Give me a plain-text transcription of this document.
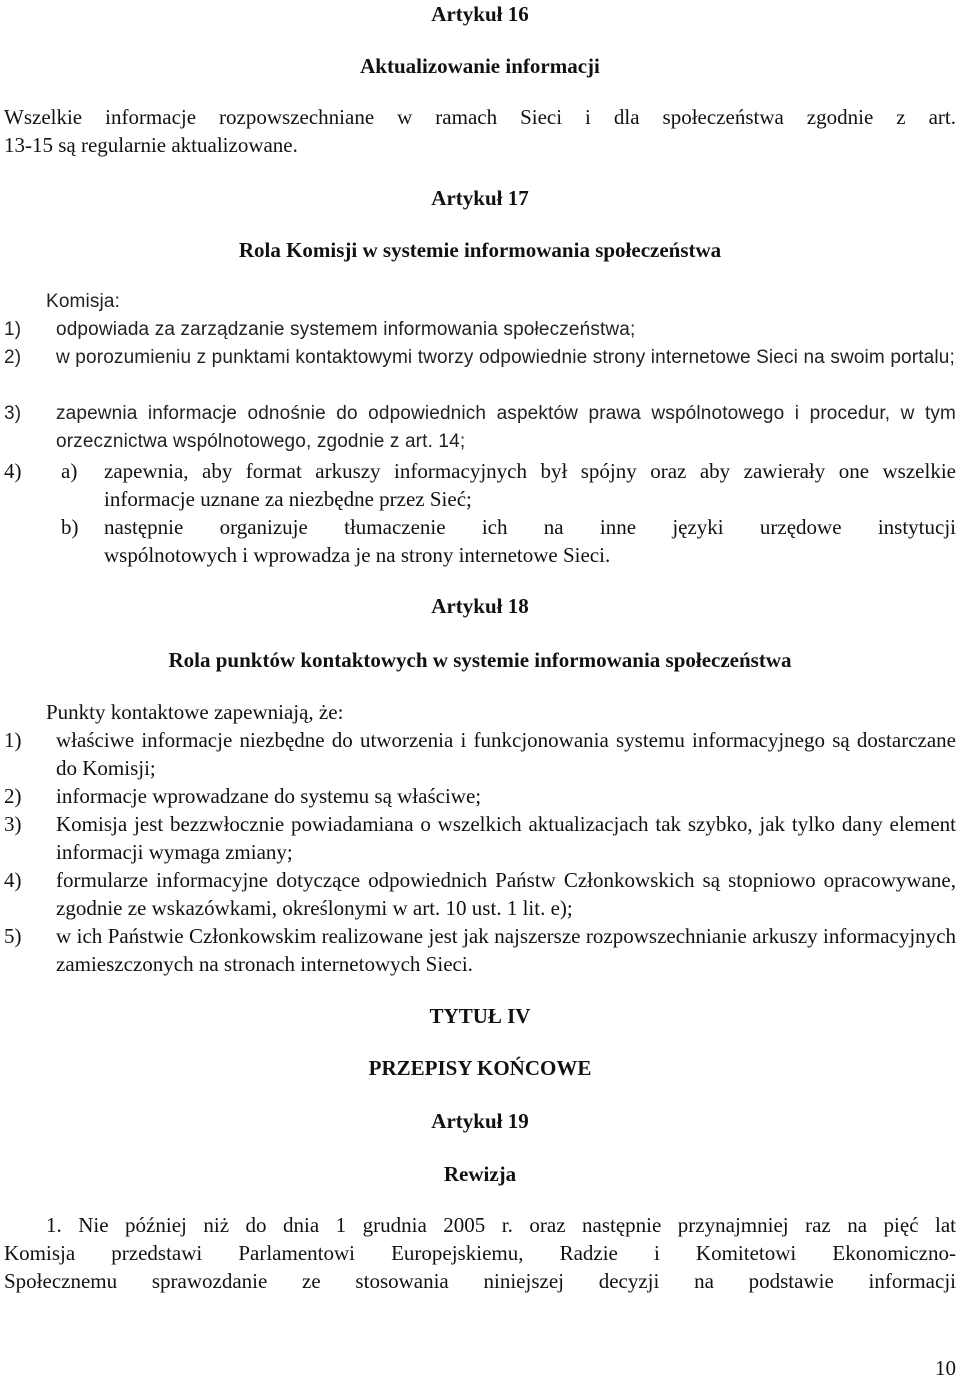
Artykuł 16
Aktualizowanie informacji
Wszelkie informacje rozpowszechniane w ramach Sieci i dla społeczeństwa zgodnie z art.
13-15 są regularnie aktualizowane.
Artykuł 17
Rola Komisji w systemie informowania społeczeństwa
Komisja:
1) odpowiada za zarządzanie systemem informowania społeczeństwa;
2) w porozumieniu z punktami kontaktowymi tworzy odpowiednie strony internetowe Sieci na swoim portalu;
3) zapewnia informacje odnośnie do odpowiednich aspektów prawa wspólnotowego i procedur, w tym orzecznictwa wspólnotowego, zgodnie z art. 14;
4) a) zapewnia, aby format arkuszy informacyjnych był spójny oraz aby zawierały one wszelkie informacje uznane za niezbędne przez Sieć;
b) następnie organizuje tłumaczenie ich na inne języki urzędowe instytucji
wspólnotowych i wprowadza je na strony internetowe Sieci.
Artykuł 18
Rola punktów kontaktowych w systemie informowania społeczeństwa
Punkty kontaktowe zapewniają, że:
1) właściwe informacje niezbędne do utworzenia i funkcjonowania systemu informacyjnego są dostarczane do Komisji;
2) informacje wprowadzane do systemu są właściwe;
3) Komisja jest bezzwłocznie powiadamiana o wszelkich aktualizacjach tak szybko, jak tylko dany element informacji wymaga zmiany;
4) formularze informacyjne dotyczące odpowiednich Państw Członkowskich są stopniowo opracowywane, zgodnie ze wskazówkami, określonymi w art. 10 ust. 1 lit. e);
5) w ich Państwie Członkowskim realizowane jest jak najszersze rozpowszechnianie arkuszy informacyjnych zamieszczonych na stronach internetowych Sieci.
TYTUŁ IV
PRZEPISY KOŃCOWE
Artykuł 19
Rewizja
1. Nie później niż do dnia 1 grudnia 2005 r. oraz następnie przynajmniej raz na pięć lat
Komisja przedstawi Parlamentowi Europejskiemu, Radzie i Komitetowi Ekonomiczno-
Społecznemu sprawozdanie ze stosowania niniejszej decyzji na podstawie informacji
10
